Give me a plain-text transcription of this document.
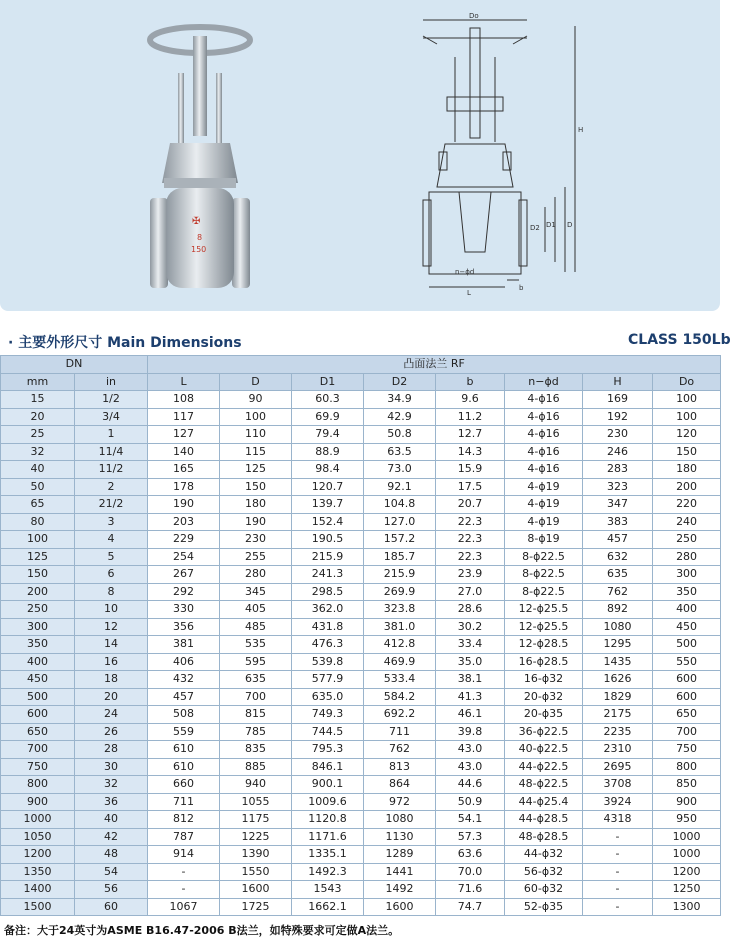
✠
8
150
Do
H
D
D1
D2
n−ϕd
L
b
· 主要外形尺寸 Main Dimensions	CLASS 150Lb
DN		凸面法兰 RF							
mm	in	L	D	D1	D2	b	n−ϕd	H	Do
15	1/2	108	90	60.3	34.9	9.6	4-ϕ16	169	100
20	3/4	117	100	69.9	42.9	11.2	4-ϕ16	192	100
25	1	127	110	79.4	50.8	12.7	4-ϕ16	230	120
32	11/4	140	115	88.9	63.5	14.3	4-ϕ16	246	150
40	11/2	165	125	98.4	73.0	15.9	4-ϕ16	283	180
50	2	178	150	120.7	92.1	17.5	4-ϕ19	323	200
65	21/2	190	180	139.7	104.8	20.7	4-ϕ19	347	220
80	3	203	190	152.4	127.0	22.3	4-ϕ19	383	240
100	4	229	230	190.5	157.2	22.3	8-ϕ19	457	250
125	5	254	255	215.9	185.7	22.3	8-ϕ22.5	632	280
150	6	267	280	241.3	215.9	23.9	8-ϕ22.5	635	300
200	8	292	345	298.5	269.9	27.0	8-ϕ22.5	762	350
250	10	330	405	362.0	323.8	28.6	12-ϕ25.5	892	400
300	12	356	485	431.8	381.0	30.2	12-ϕ25.5	1080	450
350	14	381	535	476.3	412.8	33.4	12-ϕ28.5	1295	500
400	16	406	595	539.8	469.9	35.0	16-ϕ28.5	1435	550
450	18	432	635	577.9	533.4	38.1	16-ϕ32	1626	600
500	20	457	700	635.0	584.2	41.3	20-ϕ32	1829	600
600	24	508	815	749.3	692.2	46.1	20-ϕ35	2175	650
650	26	559	785	744.5	711	39.8	36-ϕ22.5	2235	700
700	28	610	835	795.3	762	43.0	40-ϕ22.5	2310	750
750	30	610	885	846.1	813	43.0	44-ϕ22.5	2695	800
800	32	660	940	900.1	864	44.6	48-ϕ22.5	3708	850
900	36	711	1055	1009.6	972	50.9	44-ϕ25.4	3924	900
1000	40	812	1175	1120.8	1080	54.1	44-ϕ28.5	4318	950
1050	42	787	1225	1171.6	1130	57.3	48-ϕ28.5	-	1000
1200	48	914	1390	1335.1	1289	63.6	44-ϕ32	-	1000
1350	54	-	1550	1492.3	1441	70.0	56-ϕ32	-	1200
1400	56	-	1600	1543	1492	71.6	60-ϕ32	-	1250
1500	60	1067	1725	1662.1	1600	74.7	52-ϕ35	-	1300
备注：大于24英寸为ASME B16.47-2006 B法兰，如特殊要求可定做A法兰。
